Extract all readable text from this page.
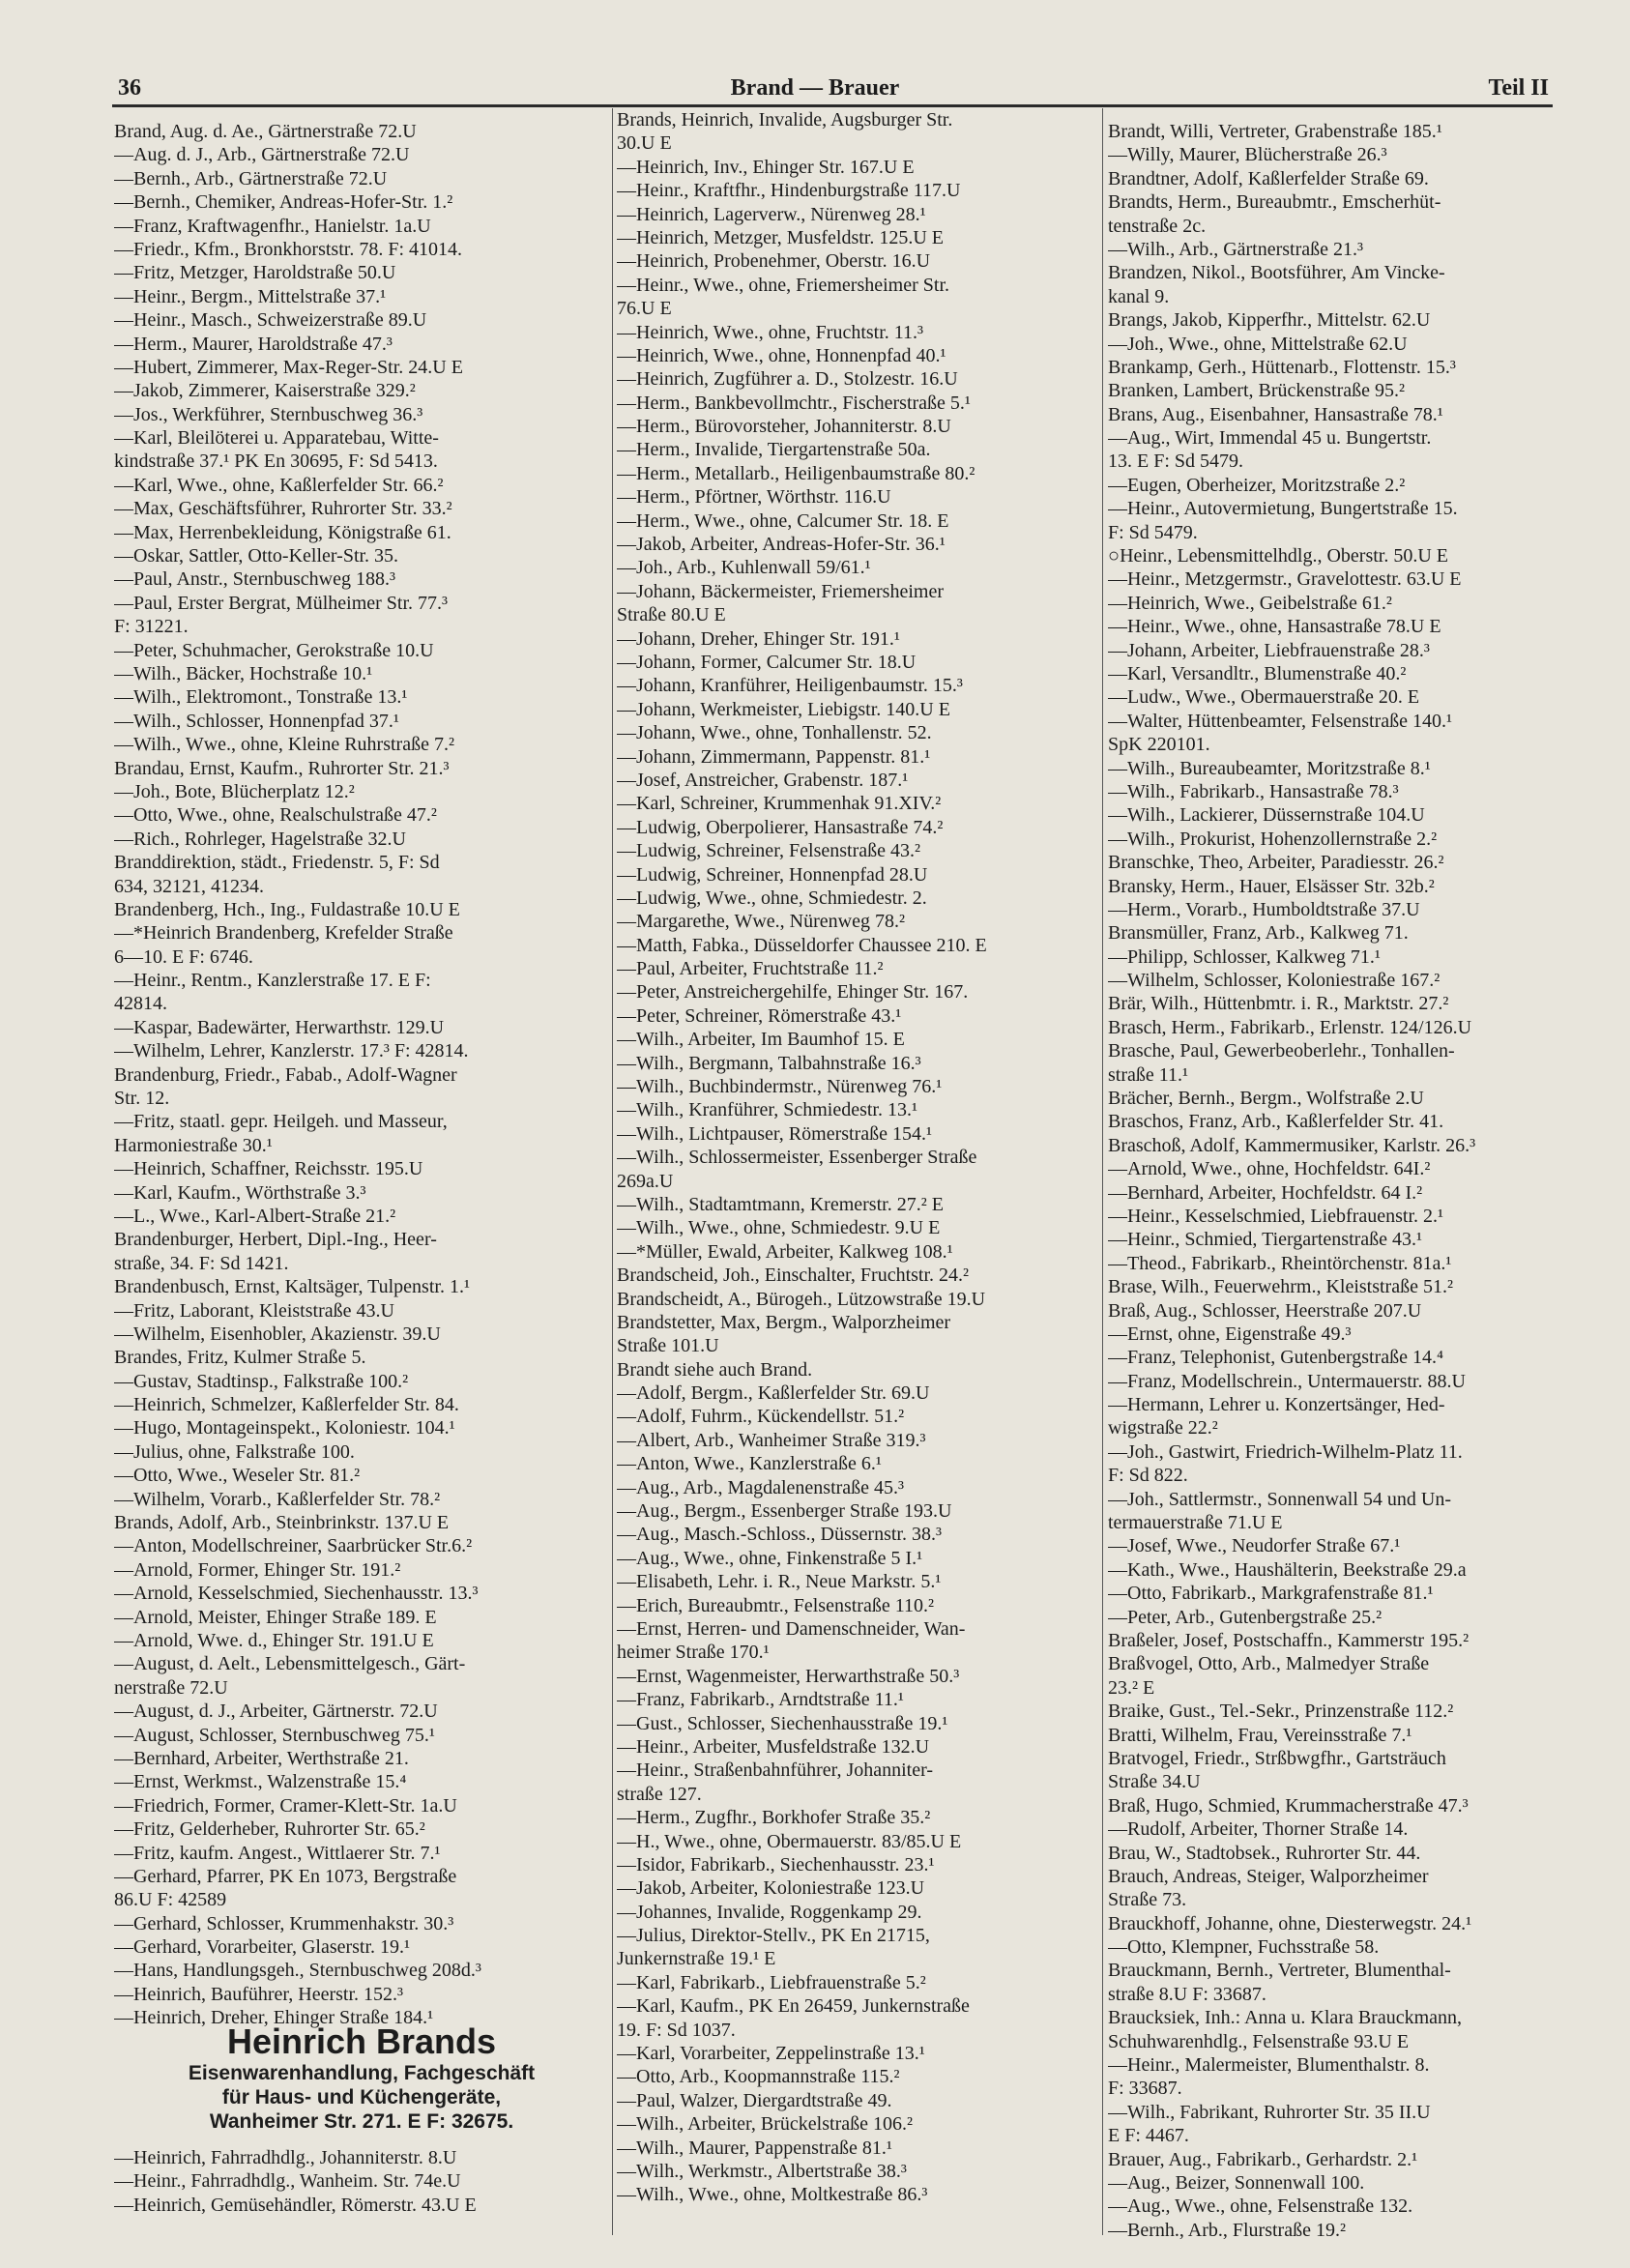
36	Brand — Brauer	Teil II
Brand, Aug. d. Ae., Gärtnerstraße 72.U
—Aug. d. J., Arb., Gärtnerstraße 72.U
—Bernh., Arb., Gärtnerstraße 72.U
—Bernh., Chemiker, Andreas-Hofer-Str. 1.²
—Franz, Kraftwagenfhr., Hanielstr. 1a.U
—Friedr., Kfm., Bronkhorststr. 78. F: 41014.
—Fritz, Metzger, Haroldstraße 50.U
—Heinr., Bergm., Mittelstraße 37.¹
—Heinr., Masch., Schweizerstraße 89.U
—Herm., Maurer, Haroldstraße 47.³
—Hubert, Zimmerer, Max-Reger-Str. 24.U E
—Jakob, Zimmerer, Kaiserstraße 329.²
—Jos., Werkführer, Sternbuschweg 36.³
—Karl, Bleilöterei u. Apparatebau, Witte-
kindstraße 37.¹ PK En 30695, F: Sd 5413.
—Karl, Wwe., ohne, Kaßlerfelder Str. 66.²
—Max, Geschäftsführer, Ruhrorter Str. 33.²
—Max, Herrenbekleidung, Königstraße 61.
—Oskar, Sattler, Otto-Keller-Str. 35.
—Paul, Anstr., Sternbuschweg 188.³
—Paul, Erster Bergrat, Mülheimer Str. 77.³
F: 31221.
—Peter, Schuhmacher, Gerokstraße 10.U
—Wilh., Bäcker, Hochstraße 10.¹
—Wilh., Elektromont., Tonstraße 13.¹
—Wilh., Schlosser, Honnenpfad 37.¹
—Wilh., Wwe., ohne, Kleine Ruhrstraße 7.²
Brandau, Ernst, Kaufm., Ruhrorter Str. 21.³
—Joh., Bote, Blücherplatz 12.²
—Otto, Wwe., ohne, Realschulstraße 47.²
—Rich., Rohrleger, Hagelstraße 32.U
Branddirektion, städt., Friedenstr. 5, F: Sd
634, 32121, 41234.
Brandenberg, Hch., Ing., Fuldastraße 10.U E
—*Heinrich Brandenberg, Krefelder Straße
6—10. E F: 6746.
—Heinr., Rentm., Kanzlerstraße 17. E F:
42814.
—Kaspar, Badewärter, Herwarthstr. 129.U
—Wilhelm, Lehrer, Kanzlerstr. 17.³ F: 42814.
Brandenburg, Friedr., Fabab., Adolf-Wagner
Str. 12.
—Fritz, staatl. gepr. Heilgeh. und Masseur,
Harmoniestraße 30.¹
—Heinrich, Schaffner, Reichsstr. 195.U
—Karl, Kaufm., Wörthstraße 3.³
—L., Wwe., Karl-Albert-Straße 21.²
Brandenburger, Herbert, Dipl.-Ing., Heer-
straße, 34. F: Sd 1421.
Brandenbusch, Ernst, Kaltsäger, Tulpenstr. 1.¹
—Fritz, Laborant, Kleiststraße 43.U
—Wilhelm, Eisenhobler, Akazienstr. 39.U
Brandes, Fritz, Kulmer Straße 5.
—Gustav, Stadtinsp., Falkstraße 100.²
—Heinrich, Schmelzer, Kaßlerfelder Str. 84.
—Hugo, Montageinspekt., Koloniestr. 104.¹
—Julius, ohne, Falkstraße 100.
—Otto, Wwe., Weseler Str. 81.²
—Wilhelm, Vorarb., Kaßlerfelder Str. 78.²
Brands, Adolf, Arb., Steinbrinkstr. 137.U E
—Anton, Modellschreiner, Saarbrücker Str.6.²
—Arnold, Former, Ehinger Str. 191.²
—Arnold, Kesselschmied, Siechenhausstr. 13.³
—Arnold, Meister, Ehinger Straße 189. E
—Arnold, Wwe. d., Ehinger Str. 191.U E
—August, d. Aelt., Lebensmittelgesch., Gärt-
nerstraße 72.U
—August, d. J., Arbeiter, Gärtnerstr. 72.U
—August, Schlosser, Sternbuschweg 75.¹
—Bernhard, Arbeiter, Werthstraße 21.
—Ernst, Werkmst., Walzenstraße 15.⁴
—Friedrich, Former, Cramer-Klett-Str. 1a.U
—Fritz, Gelderheber, Ruhrorter Str. 65.²
—Fritz, kaufm. Angest., Wittlaerer Str. 7.¹
—Gerhard, Pfarrer, PK En 1073, Bergstraße
86.U F: 42589
—Gerhard, Schlosser, Krummenhakstr. 30.³
—Gerhard, Vorarbeiter, Glaserstr. 19.¹
—Hans, Handlungsgeh., Sternbuschweg 208d.³
—Heinrich, Bauführer, Heerstr. 152.³
—Heinrich, Dreher, Ehinger Straße 184.¹
Heinrich Brands
Eisenwarenhandlung, Fachgeschäft
für Haus- und Küchengeräte,
Wanheimer Str. 271. E F: 32675.
—Heinrich, Fahrradhdlg., Johanniterstr. 8.U
—Heinr., Fahrradhdlg., Wanheim. Str. 74e.U
—Heinrich, Gemüsehändler, Römerstr. 43.U E
Brands, Heinrich, Invalide, Augsburger Str.
30.U E
—Heinrich, Inv., Ehinger Str. 167.U E
—Heinr., Kraftfhr., Hindenburgstraße 117.U
—Heinrich, Lagerverw., Nürenweg 28.¹
—Heinrich, Metzger, Musfeldstr. 125.U E
—Heinrich, Probenehmer, Oberstr. 16.U
—Heinr., Wwe., ohne, Friemersheimer Str.
76.U E
—Heinrich, Wwe., ohne, Fruchtstr. 11.³
—Heinrich, Wwe., ohne, Honnenpfad 40.¹
—Heinrich, Zugführer a. D., Stolzestr. 16.U
—Herm., Bankbevollmchtr., Fischerstraße 5.¹
—Herm., Bürovorsteher, Johanniterstr. 8.U
—Herm., Invalide, Tiergartenstraße 50a.
—Herm., Metallarb., Heiligenbaumstraße 80.²
—Herm., Pförtner, Wörthstr. 116.U
—Herm., Wwe., ohne, Calcumer Str. 18. E
—Jakob, Arbeiter, Andreas-Hofer-Str. 36.¹
—Joh., Arb., Kuhlenwall 59/61.¹
—Johann, Bäckermeister, Friemersheimer
Straße 80.U E
—Johann, Dreher, Ehinger Str. 191.¹
—Johann, Former, Calcumer Str. 18.U
—Johann, Kranführer, Heiligenbaumstr. 15.³
—Johann, Werkmeister, Liebigstr. 140.U E
—Johann, Wwe., ohne, Tonhallenstr. 52.
—Johann, Zimmermann, Pappenstr. 81.¹
—Josef, Anstreicher, Grabenstr. 187.¹
—Karl, Schreiner, Krummenhak 91.XIV.²
—Ludwig, Oberpolierer, Hansastraße 74.²
—Ludwig, Schreiner, Felsenstraße 43.²
—Ludwig, Schreiner, Honnenpfad 28.U
—Ludwig, Wwe., ohne, Schmiedestr. 2.
—Margarethe, Wwe., Nürenweg 78.²
—Matth, Fabka., Düsseldorfer Chaussee 210. E
—Paul, Arbeiter, Fruchtstraße 11.²
—Peter, Anstreichergehilfe, Ehinger Str. 167.
—Peter, Schreiner, Römerstraße 43.¹
—Wilh., Arbeiter, Im Baumhof 15. E
—Wilh., Bergmann, Talbahnstraße 16.³
—Wilh., Buchbindermstr., Nürenweg 76.¹
—Wilh., Kranführer, Schmiedestr. 13.¹
—Wilh., Lichtpauser, Römerstraße 154.¹
—Wilh., Schlossermeister, Essenberger Straße
269a.U
—Wilh., Stadtamtmann, Kremerstr. 27.² E
—Wilh., Wwe., ohne, Schmiedestr. 9.U E
—*Müller, Ewald, Arbeiter, Kalkweg 108.¹
Brandscheid, Joh., Einschalter, Fruchtstr. 24.²
Brandscheidt, A., Bürogeh., Lützowstraße 19.U
Brandstetter, Max, Bergm., Walporzheimer
Straße 101.U
Brandt siehe auch Brand.
—Adolf, Bergm., Kaßlerfelder Str. 69.U
—Adolf, Fuhrm., Kückendellstr. 51.²
—Albert, Arb., Wanheimer Straße 319.³
—Anton, Wwe., Kanzlerstraße 6.¹
—Aug., Arb., Magdalenenstraße 45.³
—Aug., Bergm., Essenberger Straße 193.U
—Aug., Masch.-Schloss., Düssernstr. 38.³
—Aug., Wwe., ohne, Finkenstraße 5 I.¹
—Elisabeth, Lehr. i. R., Neue Markstr. 5.¹
—Erich, Bureaubmtr., Felsenstraße 110.²
—Ernst, Herren- und Damenschneider, Wan-
heimer Straße 170.¹
—Ernst, Wagenmeister, Herwarthstraße 50.³
—Franz, Fabrikarb., Arndtstraße 11.¹
—Gust., Schlosser, Siechenhausstraße 19.¹
—Heinr., Arbeiter, Musfeldstraße 132.U
—Heinr., Straßenbahnführer, Johanniter-
straße 127.
—Herm., Zugfhr., Borkhofer Straße 35.²
—H., Wwe., ohne, Obermauerstr. 83/85.U E
—Isidor, Fabrikarb., Siechenhausstr. 23.¹
—Jakob, Arbeiter, Koloniestraße 123.U
—Johannes, Invalide, Roggenkamp 29.
—Julius, Direktor-Stellv., PK En 21715,
Junkernstraße 19.¹ E
—Karl, Fabrikarb., Liebfrauenstraße 5.²
—Karl, Kaufm., PK En 26459, Junkernstraße
19. F: Sd 1037.
—Karl, Vorarbeiter, Zeppelinstraße 13.¹
—Otto, Arb., Koopmannstraße 115.²
—Paul, Walzer, Diergardtstraße 49.
—Wilh., Arbeiter, Brückelstraße 106.²
—Wilh., Maurer, Pappenstraße 81.¹
—Wilh., Werkmstr., Albertstraße 38.³
—Wilh., Wwe., ohne, Moltkestraße 86.³
Brandt, Willi, Vertreter, Grabenstraße 185.¹
—Willy, Maurer, Blücherstraße 26.³
Brandtner, Adolf, Kaßlerfelder Straße 69.
Brandts, Herm., Bureaubmtr., Emscherhüt-
tenstraße 2c.
—Wilh., Arb., Gärtnerstraße 21.³
Brandzen, Nikol., Bootsführer, Am Vincke-
kanal 9.
Brangs, Jakob, Kipperfhr., Mittelstr. 62.U
—Joh., Wwe., ohne, Mittelstraße 62.U
Brankamp, Gerh., Hüttenarb., Flottenstr. 15.³
Branken, Lambert, Brückenstraße 95.²
Brans, Aug., Eisenbahner, Hansastraße 78.¹
—Aug., Wirt, Immendal 45 u. Bungertstr.
13. E F: Sd 5479.
—Eugen, Oberheizer, Moritzstraße 2.²
—Heinr., Autovermietung, Bungertstraße 15.
F: Sd 5479.
○Heinr., Lebensmittelhdlg., Oberstr. 50.U E
—Heinr., Metzgermstr., Gravelottestr. 63.U E
—Heinrich, Wwe., Geibelstraße 61.²
—Heinr., Wwe., ohne, Hansastraße 78.U E
—Johann, Arbeiter, Liebfrauenstraße 28.³
—Karl, Versandltr., Blumenstraße 40.²
—Ludw., Wwe., Obermauerstraße 20. E
—Walter, Hüttenbeamter, Felsenstraße 140.¹
SpK 220101.
—Wilh., Bureaubeamter, Moritzstraße 8.¹
—Wilh., Fabrikarb., Hansastraße 78.³
—Wilh., Lackierer, Düssernstraße 104.U
—Wilh., Prokurist, Hohenzollernstraße 2.²
Branschke, Theo, Arbeiter, Paradiesstr. 26.²
Bransky, Herm., Hauer, Elsässer Str. 32b.²
—Herm., Vorarb., Humboldtstraße 37.U
Bransmüller, Franz, Arb., Kalkweg 71.
—Philipp, Schlosser, Kalkweg 71.¹
—Wilhelm, Schlosser, Koloniestraße 167.²
Brär, Wilh., Hüttenbmtr. i. R., Marktstr. 27.²
Brasch, Herm., Fabrikarb., Erlenstr. 124/126.U
Brasche, Paul, Gewerbeoberlehr., Tonhallen-
straße 11.¹
Brächer, Bernh., Bergm., Wolfstraße 2.U
Braschos, Franz, Arb., Kaßlerfelder Str. 41.
Braschoß, Adolf, Kammermusiker, Karlstr. 26.³
—Arnold, Wwe., ohne, Hochfeldstr. 64I.²
—Bernhard, Arbeiter, Hochfeldstr. 64 I.²
—Heinr., Kesselschmied, Liebfrauenstr. 2.¹
—Heinr., Schmied, Tiergartenstraße 43.¹
—Theod., Fabrikarb., Rheintörchenstr. 81a.¹
Brase, Wilh., Feuerwehrm., Kleiststraße 51.²
Braß, Aug., Schlosser, Heerstraße 207.U
—Ernst, ohne, Eigenstraße 49.³
—Franz, Telephonist, Gutenbergstraße 14.⁴
—Franz, Modellschrein., Untermauerstr. 88.U
—Hermann, Lehrer u. Konzertsänger, Hed-
wigstraße 22.²
—Joh., Gastwirt, Friedrich-Wilhelm-Platz 11.
F: Sd 822.
—Joh., Sattlermstr., Sonnenwall 54 und Un-
termauerstraße 71.U E
—Josef, Wwe., Neudorfer Straße 67.¹
—Kath., Wwe., Haushälterin, Beekstraße 29.a
—Otto, Fabrikarb., Markgrafenstraße 81.¹
—Peter, Arb., Gutenbergstraße 25.²
Braßeler, Josef, Postschaffn., Kammerstr 195.²
Braßvogel, Otto, Arb., Malmedyer Straße
23.² E
Braike, Gust., Tel.-Sekr., Prinzenstraße 112.²
Bratti, Wilhelm, Frau, Vereinsstraße 7.¹
Bratvogel, Friedr., Strßbwgfhr., Gartsträuch
Straße 34.U
Braß, Hugo, Schmied, Krummacherstraße 47.³
—Rudolf, Arbeiter, Thorner Straße 14.
Brau, W., Stadtobsek., Ruhrorter Str. 44.
Brauch, Andreas, Steiger, Walporzheimer
Straße 73.
Brauckhoff, Johanne, ohne, Diesterwegstr. 24.¹
—Otto, Klempner, Fuchsstraße 58.
Brauckmann, Bernh., Vertreter, Blumenthal-
straße 8.U F: 33687.
Braucksiek, Inh.: Anna u. Klara Brauckmann,
Schuhwarenhdlg., Felsenstraße 93.U E
—Heinr., Malermeister, Blumenthalstr. 8.
F: 33687.
—Wilh., Fabrikant, Ruhrorter Str. 35 II.U
E F: 4467.
Brauer, Aug., Fabrikarb., Gerhardstr. 2.¹
—Aug., Beizer, Sonnenwall 100.
—Aug., Wwe., ohne, Felsenstraße 132.
—Bernh., Arb., Flurstraße 19.²
